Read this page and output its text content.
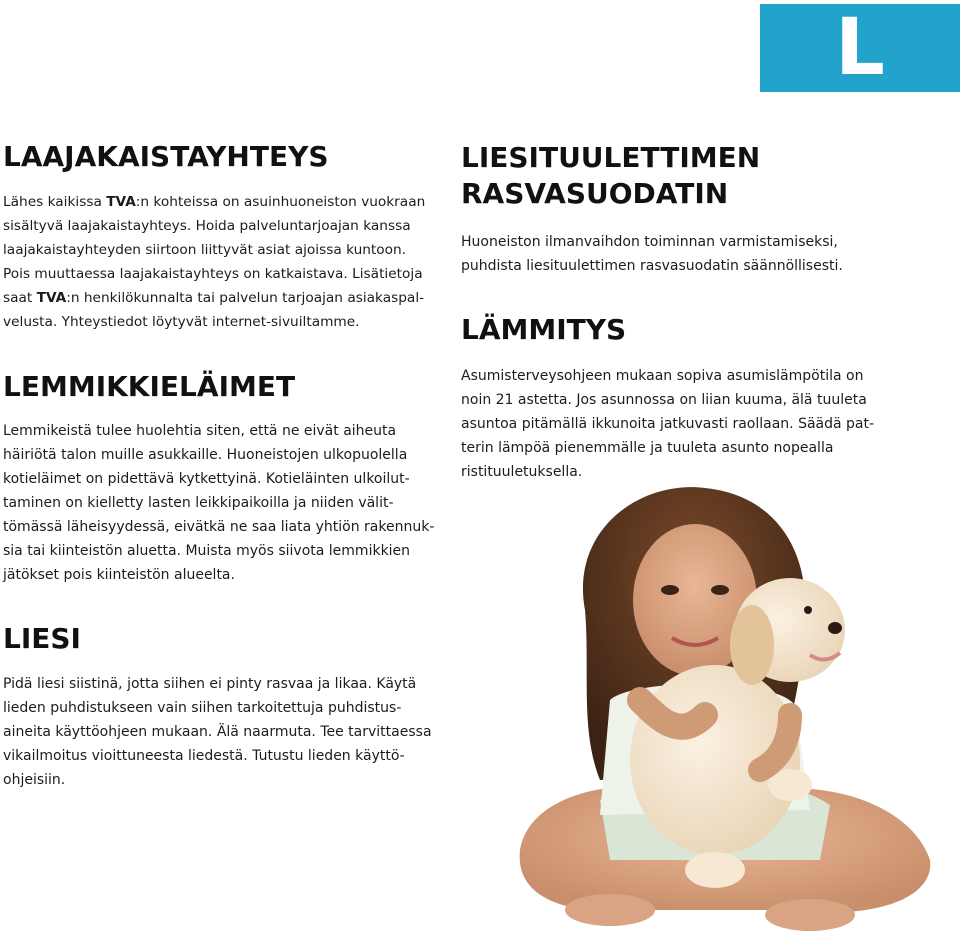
L
LAAJAKAISTAYHTEYS

Lähes kaikissa TVA:n kohteissa on asuinhuoneiston vuokraan
sisältyvä laajakaistayhteys. Hoida palveluntarjoajan kanssa
laajakaistayhteyden siirtoon liittyvät asiat ajoissa kuntoon.
Pois muuttaessa laajakaistayhteys on katkaistava. Lisätietoja
saat TVA:n henkilökunnalta tai palvelun tarjoajan asiakaspal-
velusta. Yhteystiedot löytyvät internet-sivuiltamme.

LEMMIKKIELÄIMET

Lemmikeistä tulee huolehtia siten, että ne eivät aiheuta
häiriötä talon muille asukkaille. Huoneistojen ulkopuolella
kotieläimet on pidettävä kytkettyinä. Kotieläinten ulkoilut-
taminen on kielletty lasten leikkipaikoilla ja niiden välit-
tömässä läheisyydessä, eivätkä ne saa liata yhtiön rakennuk-
sia tai kiinteistön aluetta. Muista myös siivota lemmikkien
jätökset pois kiinteistön alueelta.

LIESI

Pidä liesi siistinä, jotta siihen ei pinty rasvaa ja likaa. Käytä
lieden puhdistukseen vain siihen tarkoitettuja puhdistus-
aineita käyttöohjeen mukaan. Älä naarmuta. Tee tarvittaessa
vikailmoitus vioittuneesta liedestä. Tutustu lieden käyttö-
ohjeisiin.

LIESITUULETTIMEN
RASVASUODATIN

Huoneiston ilmanvaihdon toiminnan varmistamiseksi,
puhdista liesituulettimen rasvasuodatin säännöllisesti.

LÄMMITYS

Asumisterveysohjeen mukaan sopiva asumislämpötila on
noin 21 astetta. Jos asunnossa on liian kuuma, älä tuuleta
asuntoa pitämällä ikkunoita jatkuvasti raollaan. Säädä pat-
terin lämpöä pienemmälle ja tuuleta asunto nopealla
ristituuletuksella.
